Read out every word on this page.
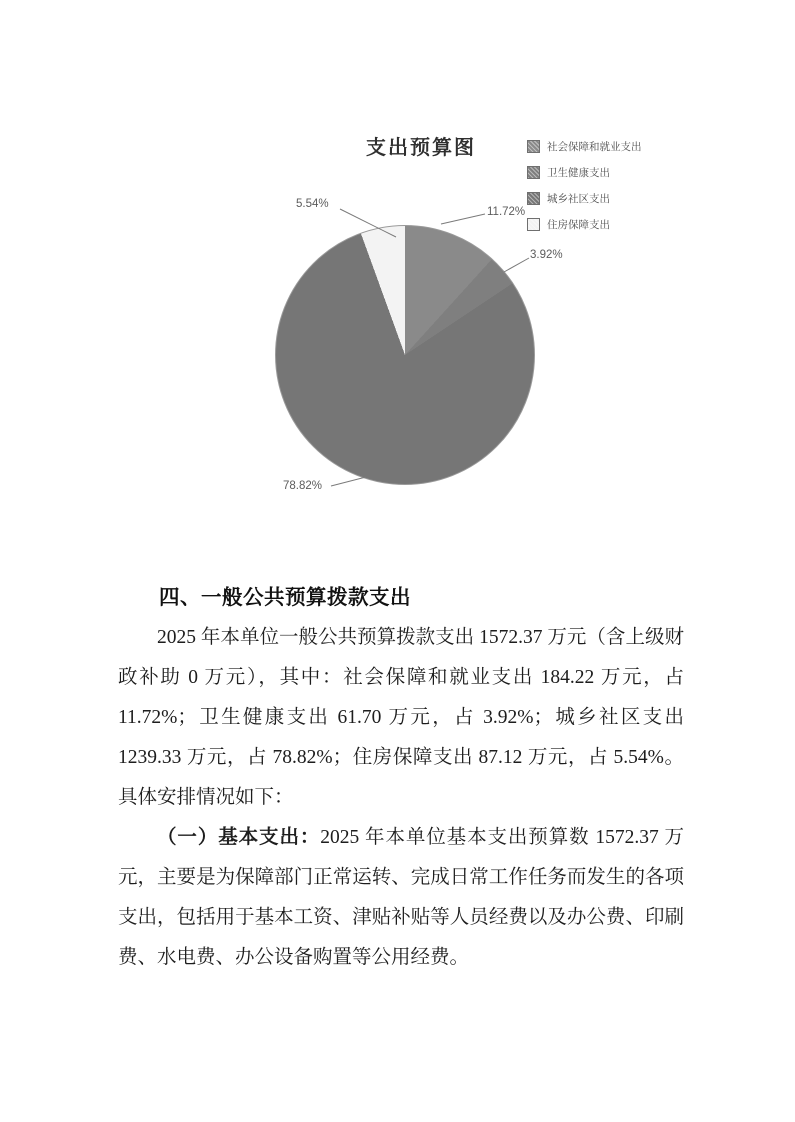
支出预算图	社会保障和就业支出
卫生健康支出
城乡社区支出
住房保障支出
5.54%
11.72%
3.92%
78.82%
四、一般公共预算拨款支出

2025 年本单位一般公共预算拨款支出 1572.37 万元（含上级财政补助 0 万元），其中：社会保障和就业支出 184.22 万元，占 11.72%；卫生健康支出 61.70 万元，占 3.92%；城乡社区支出 1239.33 万元，占 78.82%；住房保障支出 87.12 万元，占 5.54%。具体安排情况如下：

（一）基本支出：2025 年本单位基本支出预算数 1572.37 万元，主要是为保障部门正常运转、完成日常工作任务而发生的各项支出，包括用于基本工资、津贴补贴等人员经费以及办公费、印刷费、水电费、办公设备购置等公用经费。
